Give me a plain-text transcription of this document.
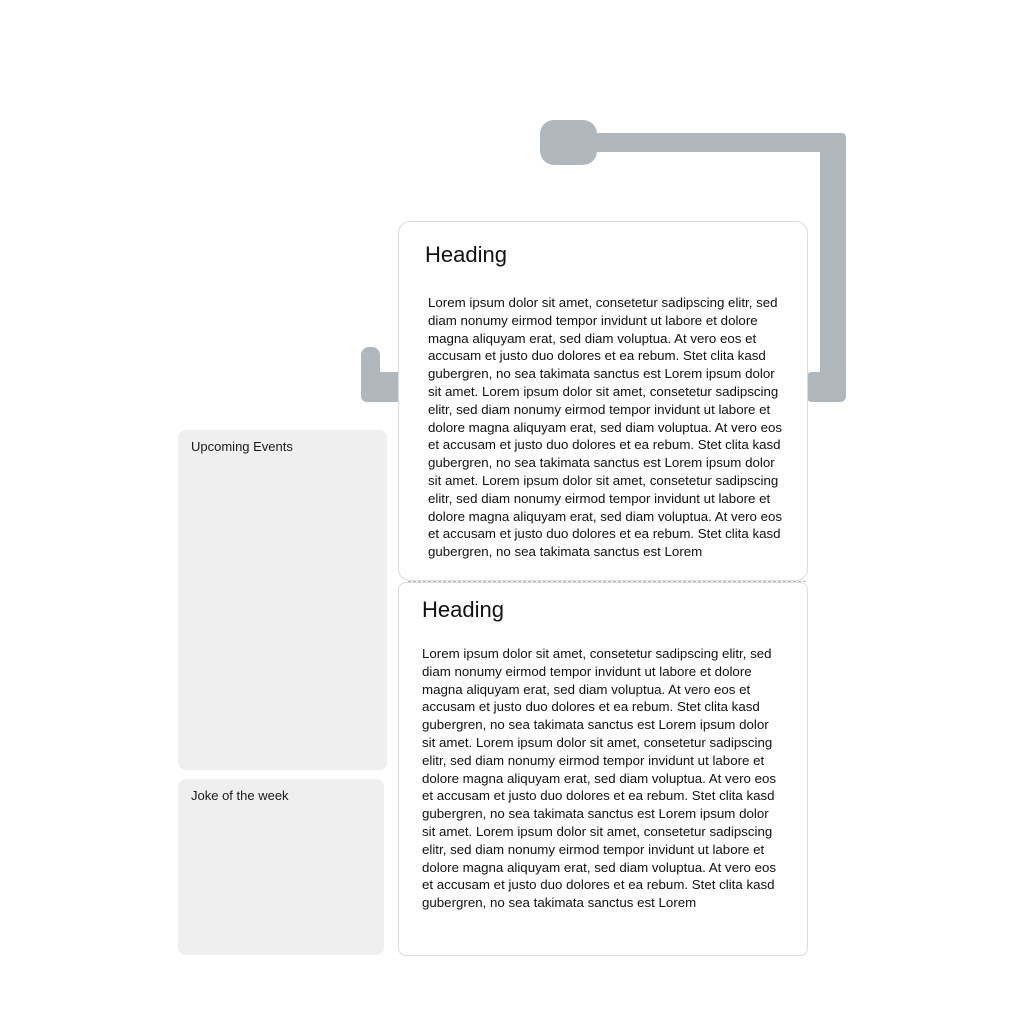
Upcoming Events
Joke of the week
Heading

Lorem ipsum dolor sit amet, consetetur sadipscing elitr, sed diam nonumy eirmod tempor invidunt ut labore et dolore magna aliquyam erat, sed diam voluptua. At vero eos et accusam et justo duo dolores et ea rebum. Stet clita kasd gubergren, no sea takimata sanctus est Lorem ipsum dolor sit amet. Lorem ipsum dolor sit amet, consetetur sadipscing elitr, sed diam nonumy eirmod tempor invidunt ut labore et dolore magna aliquyam erat, sed diam voluptua. At vero eos et accusam et justo duo dolores et ea rebum. Stet clita kasd gubergren, no sea takimata sanctus est Lorem ipsum dolor sit amet. Lorem ipsum dolor sit amet, consetetur sadipscing elitr, sed diam nonumy eirmod tempor invidunt ut labore et dolore magna aliquyam erat, sed diam voluptua. At vero eos et accusam et justo duo dolores et ea rebum. Stet clita kasd gubergren, no sea takimata sanctus est Lorem

Heading

Lorem ipsum dolor sit amet, consetetur sadipscing elitr, sed diam nonumy eirmod tempor invidunt ut labore et dolore magna aliquyam erat, sed diam voluptua. At vero eos et accusam et justo duo dolores et ea rebum. Stet clita kasd gubergren, no sea takimata sanctus est Lorem ipsum dolor sit amet. Lorem ipsum dolor sit amet, consetetur sadipscing elitr, sed diam nonumy eirmod tempor invidunt ut labore et dolore magna aliquyam erat, sed diam voluptua. At vero eos et accusam et justo duo dolores et ea rebum. Stet clita kasd gubergren, no sea takimata sanctus est Lorem ipsum dolor sit amet. Lorem ipsum dolor sit amet, consetetur sadipscing elitr, sed diam nonumy eirmod tempor invidunt ut labore et dolore magna aliquyam erat, sed diam voluptua. At vero eos et accusam et justo duo dolores et ea rebum. Stet clita kasd gubergren, no sea takimata sanctus est Lorem
